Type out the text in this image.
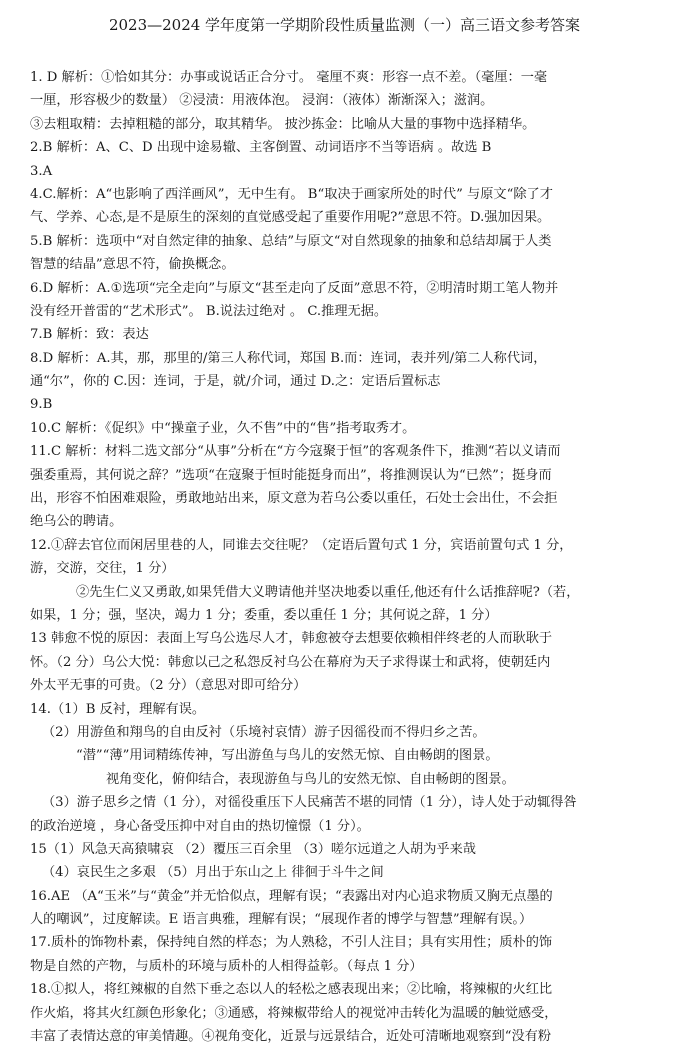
2023—2024 学年度第一学期阶段性质量监测（一）高三语文参考答案
1. D 解析：①恰如其分：办事或说话正合分寸。 毫厘不爽：形容一点不差。（毫厘：一毫
一厘，形容极少的数量） ②浸渍：用液体泡。 浸润：（液体）渐渐深入；滋润。
③去粗取精：去掉粗糙的部分，取其精华。 披沙拣金：比喻从大量的事物中选择精华。
2.B 解析：A、C、D 出现中途易辙、主客倒置、动词语序不当等语病 。故选 B
3.A
4.C.解析：A“也影响了西洋画风”，无中生有。 B“取决于画家所处的时代” 与原文“除了才
气、学养、心态,是不是原生的深刻的直觉感受起了重要作用呢?”意思不符。D.强加因果。
5.B 解析：选项中“对自然定律的抽象、总结”与原文“对自然现象的抽象和总结却属于人类
智慧的结晶”意思不符，偷换概念。
6.D 解析：A.①选项“完全走向”与原文“甚至走向了反面”意思不符，②明清时期工笔人物并
没有经开普雷的“艺术形式”。 B.说法过绝对 。 C.推理无据。
7.B 解析：致：表达
8.D 解析：A.其，那，那里的/第三人称代词，郑国 B.而：连词，表并列/第二人称代词，
通“尔”，你的 C.因：连词，于是，就/介词，通过 D.之：定语后置标志
9.B
10.C 解析：《促织》中“操童子业，久不售”中的“售”指考取秀才。
11.C 解析：材料二选文部分“从事”分析在“方今寇聚于恒”的客观条件下，推测“若以义请而
强委重焉，其何说之辞？”选项“在寇聚于恒时能挺身而出”，将推测误认为“已然”；挺身而
出，形容不怕困难艰险，勇敢地站出来，原文意为若乌公委以重任，石处士会出仕，不会拒
绝乌公的聘请。
12.①辞去官位而闲居里巷的人，同谁去交往呢？（定语后置句式 1 分，宾语前置句式 1 分，
游，交游，交往，1 分）
②先生仁义又勇敢,如果凭借大义聘请他并坚决地委以重任,他还有什么话推辞呢?（若，
如果，1 分；强，坚决，竭力 1 分；委重，委以重任 1 分；其何说之辞，1 分）
13 韩愈不悦的原因：表面上写乌公选尽人才，韩愈被夺去想要依赖相伴终老的人而耿耿于
怀。（2 分）乌公大悦：韩愈以己之私怨反衬乌公在幕府为天子求得谋士和武将，使朝廷内
外太平无事的可贵。（2 分）（意思对即可给分）
14.（1）B 反衬，理解有误。
（2）用游鱼和翔鸟的自由反衬（乐境衬哀情）游子因徭役而不得归乡之苦。
“潜”“薄”用词精练传神，写出游鱼与鸟儿的安然无惊、自由畅朗的图景。
视角变化，俯仰结合，表现游鱼与鸟儿的安然无惊、自由畅朗的图景。
（3）游子思乡之情（1 分），对徭役重压下人民痛苦不堪的同情（1 分），诗人处于动辄得咎
的政治逆境 ，身心备受压抑中对自由的热切憧憬（1 分）。
15（1）风急天高猿啸哀 （2）覆压三百余里 （3）嗟尔远道之人胡为乎来哉
（4）哀民生之多艰 （5）月出于东山之上 徘徊于斗牛之间
16.AE （A“玉米”与“黄金”并无恰似点，理解有误；“表露出对内心追求物质又胸无点墨的
人的嘲讽”，过度解读。E 语言典雅，理解有误；“展现作者的博学与智慧”理解有误。）
17.质朴的饰物朴素，保持纯自然的样态；为人熟稔，不引人注目；具有实用性；质朴的饰
物是自然的产物，与质朴的环境与质朴的人相得益彰。（每点 1 分）
18.①拟人，将红辣椒的自然下垂之态以人的轻松之感表现出来；②比喻，将辣椒的火红比
作火焰，将其火红颜色形象化；③通感，将辣椒带给人的视觉冲击转化为温暖的触觉感受，
丰富了表情达意的审美情趣。④视角变化，近景与远景结合，近处可清晰地观察到“没有粉
